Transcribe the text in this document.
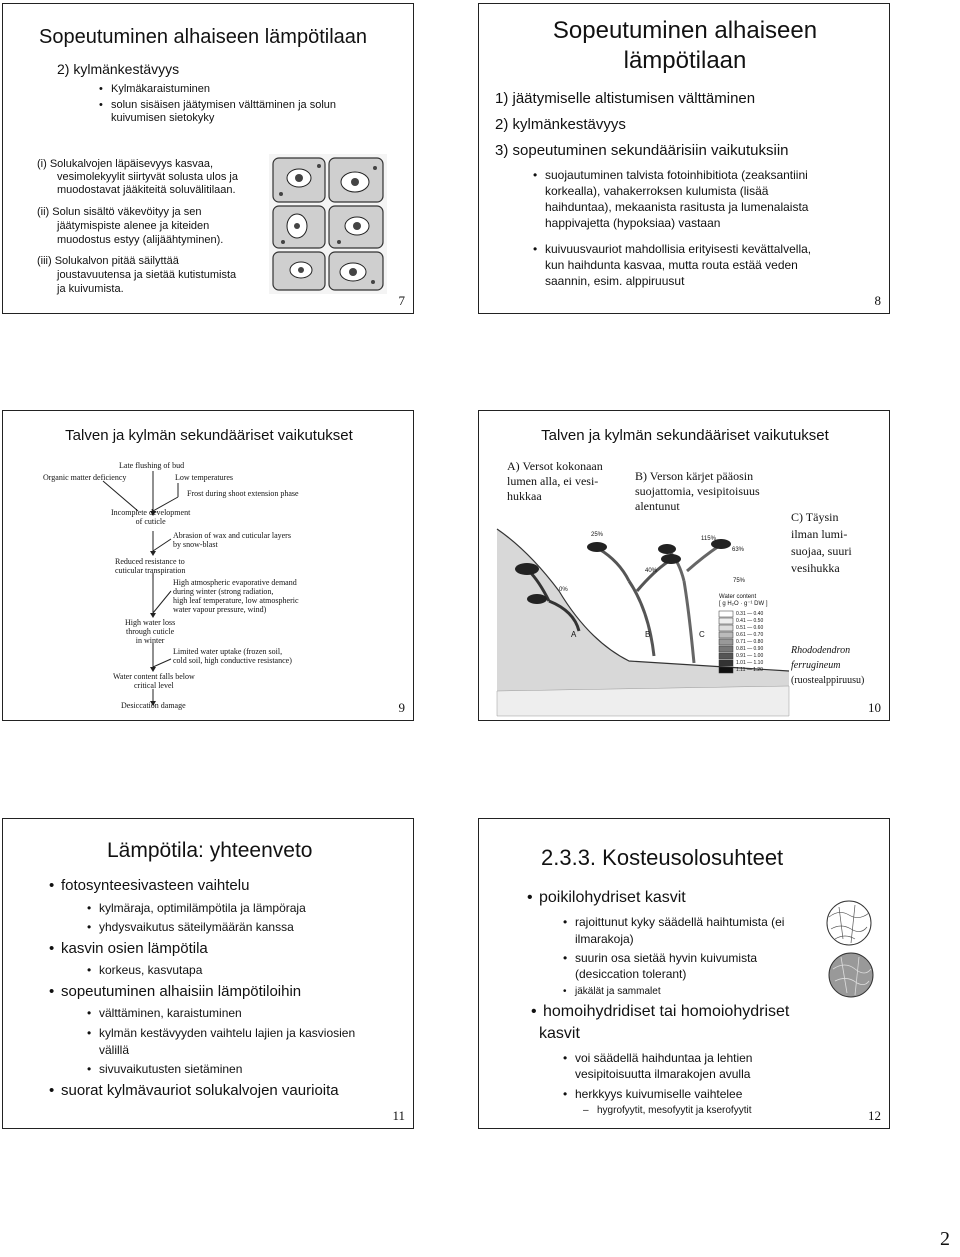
Sopeutuminen alhaiseen lämpötilaan
2) kylmänkestävyys
• Kylmäkaraistuminen
• solun sisäisen jäätymisen välttäminen ja solun
kuivumisen sietokyky
(i) Solukalvojen läpäisevyys kasvaa,
vesimolekyylit siirtyvät solusta ulos ja
muodostavat jääkiteitä soluvälitilaan.
(ii) Solun sisältö väkevöityy ja sen
jäätymispiste alenee ja kiteiden
muodostus estyy (alijäähtyminen).
(iii) Solukalvon pitää säilyttää
joustavuutensa ja sietää kutistumista
ja kuivumista.
7
Sopeutuminen alhaiseen
lämpötilaan
1) jäätymiselle altistumisen välttäminen
2) kylmänkestävyys
3) sopeutuminen sekundäärisiin vaikutuksiin
• suojautuminen talvista fotoinhibitiota (zeaksantiini
korkealla), vahakerroksen kulumista (lisää
haihduntaa), mekaanista rasitusta ja lumenalaista
happivajetta (hypoksiaa) vastaan
• kuivuusvauriot mahdollisia erityisesti kevättalvella,
kun haihdunta kasvaa, mutta routa estää veden
saannin, esim. alppiruusut
8
Talven ja kylmän sekundääriset vaikutukset
Late flushing of bud
Organic matter deficiency	Low temperatures
Frost during shoot extension phase
Incomplete development
of cuticle
Abrasion of wax and cuticular layers
by snow-blast
Reduced resistance to
cuticular transpiration
High atmospheric evaporative demand
during winter (strong radiation,
high leaf temperature, low atmospheric
water vapour pressure, wind)
High water loss
through cuticle
in winter
Limited water uptake (frozen soil,
cold soil, high conductive resistance)
Water content falls below
critical level
Desiccation damage	9
Talven ja kylmän sekundääriset vaikutukset
A) Versot kokonaan
lumen alla, ei vesi-
hukkaa
B) Verson kärjet pääosin
suojattomia, vesipitoisuus
alentunut
C) Täysin
ilman lumi-
suojaa, suuri
vesihukka
Rhododendron
ferrugineum
(ruostealppiruusu)
25%
115%
63%
40%
75%
0%
A	B	C
Water content
[ g H₂O · g⁻¹ DW ]
0.31 — 0.40
0.41 — 0.50
0.51 — 0.60
0.61 — 0.70
0.71 — 0.80
0.81 — 0.90
0.91 — 1.00
1.01 — 1.10
1.11 — 1.20
10
Lämpötila: yhteenveto
• fotosynteesivasteen vaihtelu
• kylmäraja, optimilämpötila ja lämpöraja
• yhdysvaikutus säteilymäärän kanssa
• kasvin osien lämpötila
• korkeus, kasvutapa
• sopeutuminen alhaisiin lämpötiloihin
• välttäminen, karaistuminen
• kylmän kestävyyden vaihtelu lajien ja kasviosien
välillä
• sivuvaikutusten sietäminen
• suorat kylmävauriot solukalvojen vaurioita
11
2.3.3. Kosteusolosuhteet
• poikilohydriset kasvit
• rajoittunut kyky säädellä haihtumista (ei
ilmarakoja)
• suurin osa sietää hyvin kuivumista
(desiccation tolerant)
• jäkälät ja sammalet
• homoihydridiset tai homoiohydriset
kasvit
• voi säädellä haihduntaa ja lehtien
vesipitoisuutta ilmarakojen avulla
• herkkyys kuivumiselle vaihtelee
– hygrofyytit, mesofyytit ja kserofyytit	12
2
